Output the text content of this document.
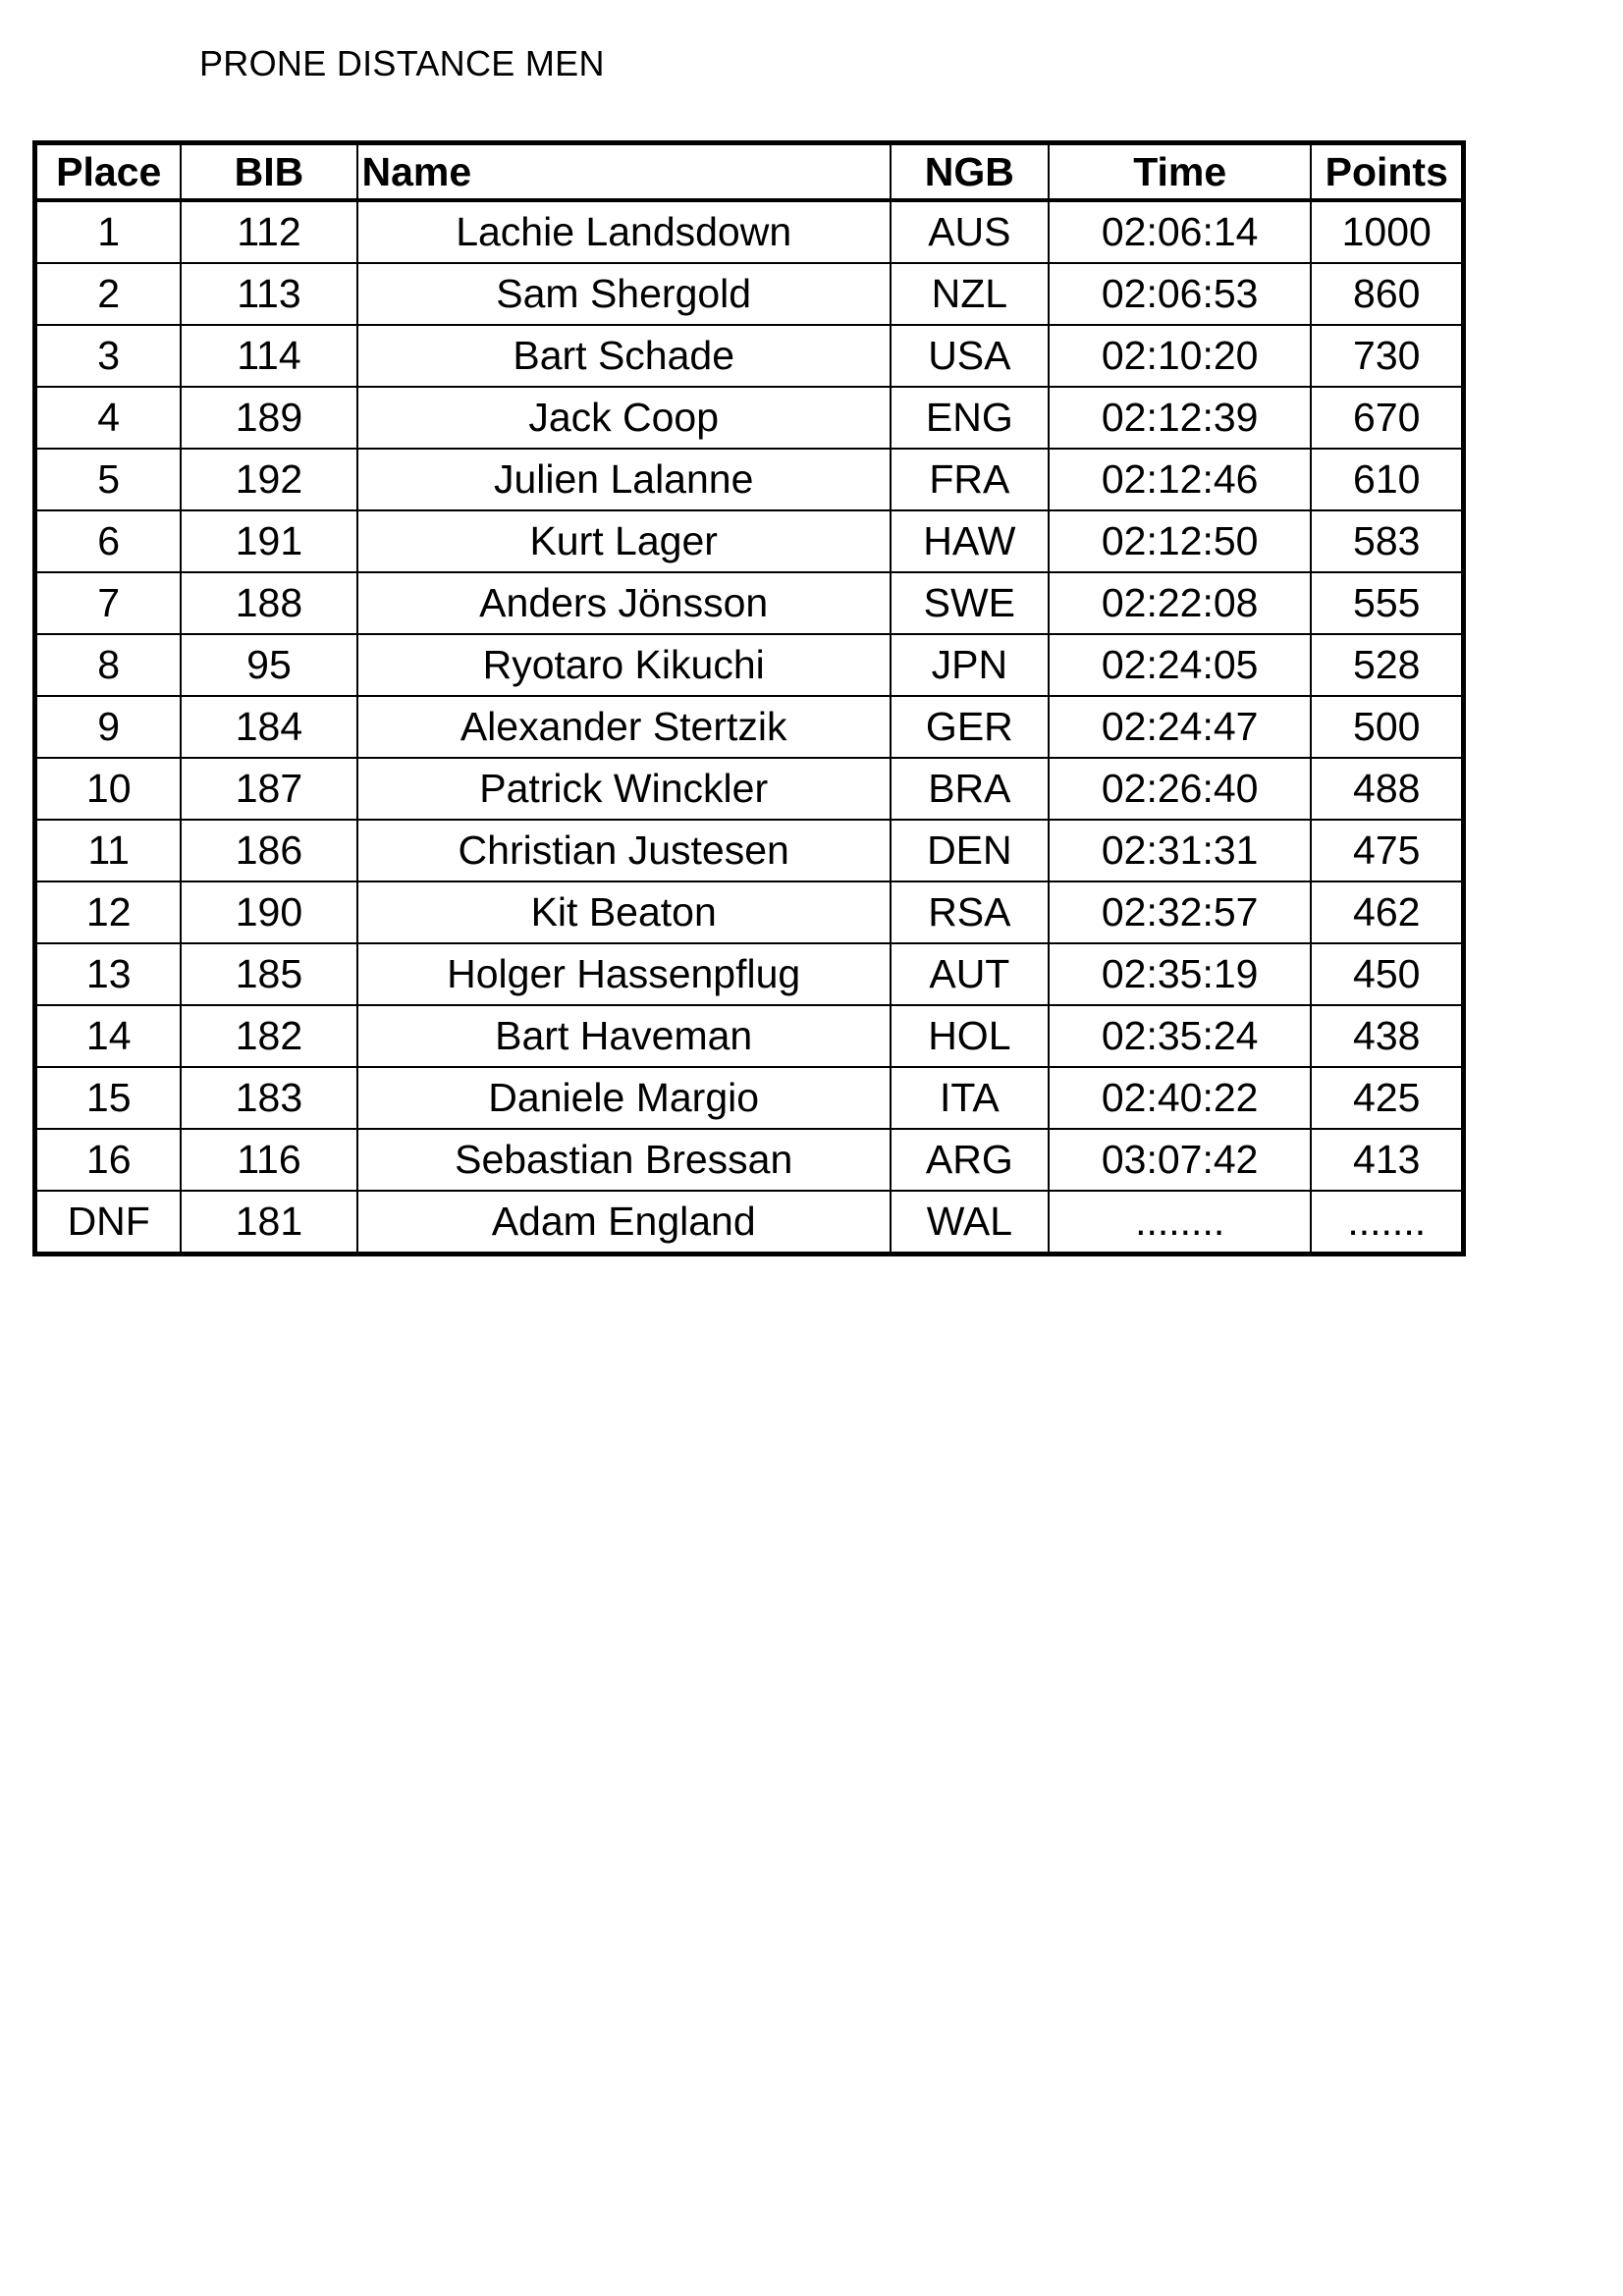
PRONE DISTANCE MEN
Place	BIB	Name	NGB	Time	Points
1	112	Lachie Landsdown	AUS	02:06:14	1000
2	113	Sam Shergold	NZL	02:06:53	860
3	114	Bart Schade	USA	02:10:20	730
4	189	Jack Coop	ENG	02:12:39	670
5	192	Julien Lalanne	FRA	02:12:46	610
6	191	Kurt Lager	HAW	02:12:50	583
7	188	Anders Jönsson	SWE	02:22:08	555
8	95	Ryotaro Kikuchi	JPN	02:24:05	528
9	184	Alexander Stertzik	GER	02:24:47	500
10	187	Patrick Winckler	BRA	02:26:40	488
11	186	Christian Justesen	DEN	02:31:31	475
12	190	Kit Beaton	RSA	02:32:57	462
13	185	Holger Hassenpflug	AUT	02:35:19	450
14	182	Bart Haveman	HOL	02:35:24	438
15	183	Daniele Margio	ITA	02:40:22	425
16	116	Sebastian Bressan	ARG	03:07:42	413
DNF	181	Adam England	WAL	........	.......
